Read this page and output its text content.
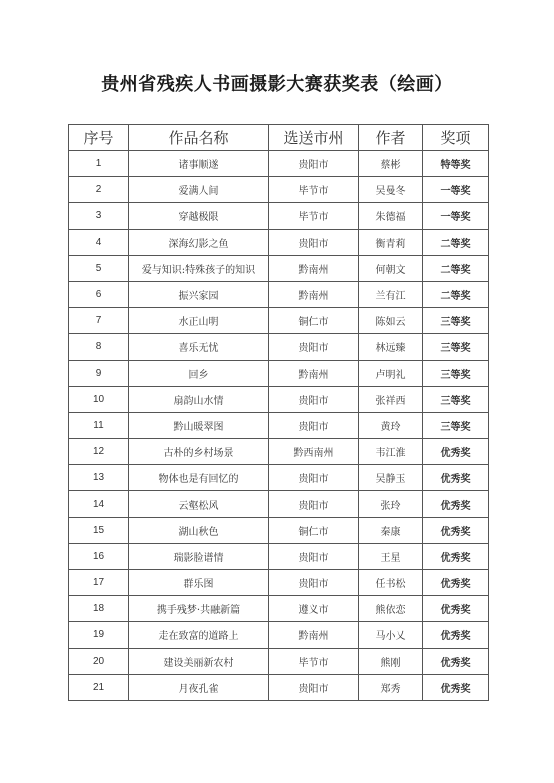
贵州省残疾人书画摄影大赛获奖表（绘画）
序号	作品名称	选送市州	作者	奖项
1	诸事顺遂	贵阳市	蔡彬	特等奖
2	爱满人间	毕节市	吴曼冬	一等奖
3	穿越极限	毕节市	朱德福	一等奖
4	深海幻影之鱼	贵阳市	衡青莉	二等奖
5	爱与知识:特殊孩子的知识	黔南州	何朝文	二等奖
6	振兴家园	黔南州	兰有江	二等奖
7	水正山明	铜仁市	陈如云	三等奖
8	喜乐无忧	贵阳市	林远臻	三等奖
9	回乡	黔南州	卢明礼	三等奖
10	扇韵山水情	贵阳市	张祥西	三等奖
11	黔山暖翠图	贵阳市	黄玲	三等奖
12	古朴的乡村场景	黔西南州	韦江淮	优秀奖
13	物体也是有回忆的	贵阳市	吴静玉	优秀奖
14	云壑松风	贵阳市	张玲	优秀奖
15	湖山秋色	铜仁市	秦康	优秀奖
16	瑞影脸谱情	贵阳市	王星	优秀奖
17	群乐图	贵阳市	任书松	优秀奖
18	携手残梦·共融新篇	遵义市	熊依恋	优秀奖
19	走在致富的道路上	黔南州	马小乂	优秀奖
20	建设美丽新农村	毕节市	熊刚	优秀奖
21	月夜孔雀	贵阳市	郑秀	优秀奖
